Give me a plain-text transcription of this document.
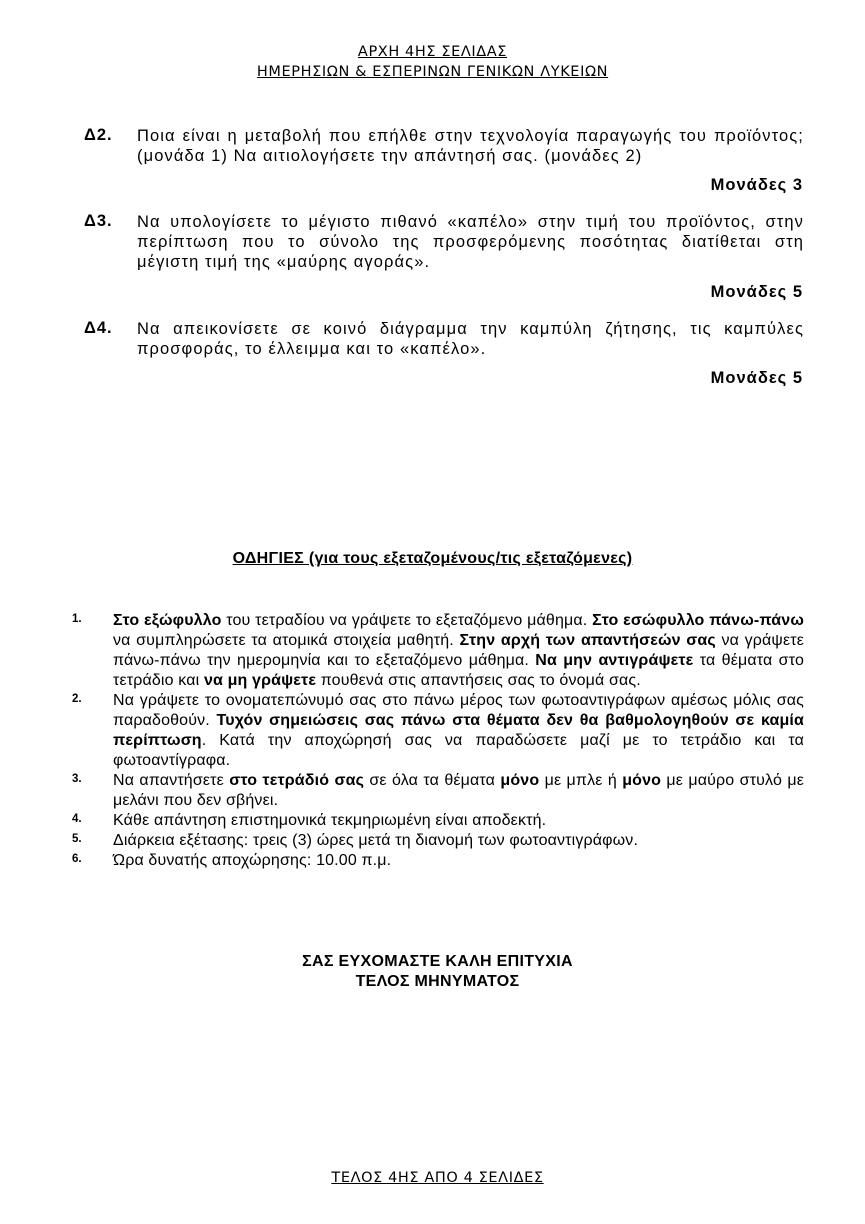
ΑΡΧΗ 4ΗΣ ΣΕΛΙΔΑΣ
ΗΜΕΡΗΣΙΩΝ & ΕΣΠΕΡΙΝΩΝ ΓΕΝΙΚΩΝ ΛΥΚΕΙΩΝ
Δ2. Ποια είναι η μεταβολή που επήλθε στην τεχνολογία παραγωγής του προϊόντος; (μονάδα 1) Να αιτιολογήσετε την απάντησή σας. (μονάδες 2)
Μονάδες 3
Δ3. Να υπολογίσετε το μέγιστο πιθανό «καπέλο» στην τιμή του προϊόντος, στην περίπτωση που το σύνολο της προσφερόμενης ποσότητας διατίθεται στη μέγιστη τιμή της «μαύρης αγοράς».
Μονάδες 5
Δ4. Να απεικονίσετε σε κοινό διάγραμμα την καμπύλη ζήτησης, τις καμπύλες προσφοράς, το έλλειμμα και το «καπέλο».
Μονάδες 5
ΟΔΗΓΙΕΣ (για τους εξεταζομένους/τις εξεταζόμενες)
1. Στο εξώφυλλο του τετραδίου να γράψετε το εξεταζόμενο μάθημα. Στο εσώφυλλο πάνω-πάνω να συμπληρώσετε τα ατομικά στοιχεία μαθητή. Στην αρχή των απαντήσεών σας να γράψετε πάνω-πάνω την ημερομηνία και το εξεταζόμενο μάθημα. Να μην αντιγράψετε τα θέματα στο τετράδιο και να μη γράψετε πουθενά στις απαντήσεις σας το όνομά σας.
2. Να γράψετε το ονοματεπώνυμό σας στο πάνω μέρος των φωτοαντιγράφων αμέσως μόλις σας παραδοθούν. Τυχόν σημειώσεις σας πάνω στα θέματα δεν θα βαθμολογηθούν σε καμία περίπτωση. Κατά την αποχώρησή σας να παραδώσετε μαζί με το τετράδιο και τα φωτοαντίγραφα.
3. Να απαντήσετε στο τετράδιό σας σε όλα τα θέματα μόνο με μπλε ή μόνο με μαύρο στυλό με μελάνι που δεν σβήνει.
4. Κάθε απάντηση επιστημονικά τεκμηριωμένη είναι αποδεκτή.
5. Διάρκεια εξέτασης: τρεις (3) ώρες μετά τη διανομή των φωτοαντιγράφων.
6. Ώρα δυνατής αποχώρησης: 10.00 π.μ.
ΣΑΣ ΕΥΧΟΜΑΣΤΕ ΚΑΛΗ ΕΠΙΤΥΧΙΑ
ΤΕΛΟΣ ΜΗΝΥΜΑΤΟΣ
ΤΕΛΟΣ 4ΗΣ ΑΠΟ 4 ΣΕΛΙΔΕΣ
